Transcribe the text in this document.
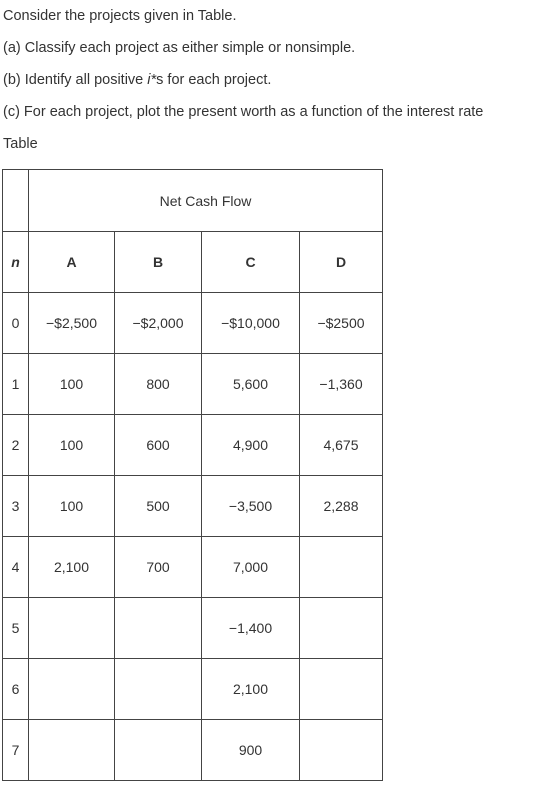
Consider the projects given in Table.
(a) Classify each project as either simple or nonsimple.
(b) Identify all positive i*s for each project.
(c) For each project, plot the present worth as a function of the interest rate
Table
	Net Cash Flow			
n	A	B	C	D
0	−$2,500	−$2,000	−$10,000	−$2500
1	100	800	5,600	−1,360
2	100	600	4,900	4,675
3	100	500	−3,500	2,288
4	2,100	700	7,000	
5			−1,400	
6			2,100	
7			900	
